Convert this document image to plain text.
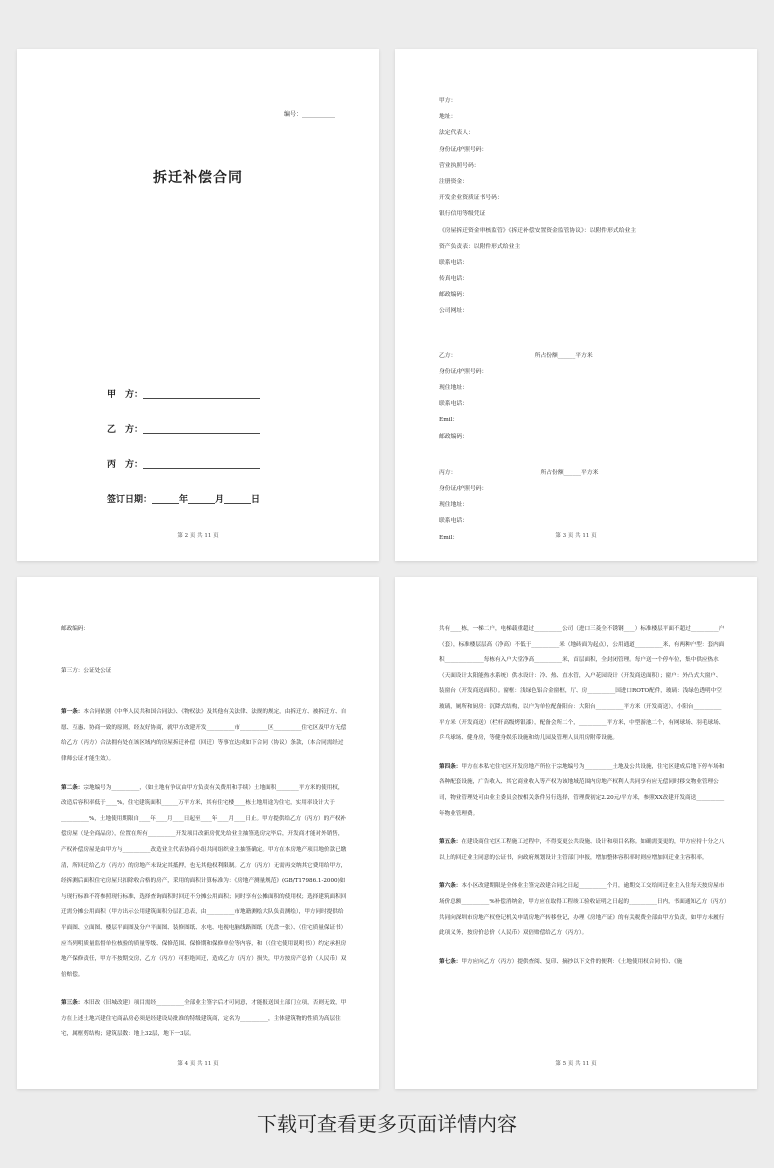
编号：___________
拆迁补偿合同
甲　方：__________________________
乙　方：__________________________
丙　方：__________________________
签订日期：______年______月______日
第 2 页 共 11 页
甲方：
地址：
法定代表人：
身份证/护照号码：
营业执照号码：
注册资金：
开发企业资质证书号码：
银行信用等级凭证
《房屋拆迁资金审核监管》《拆迁补偿安置资金监管协议》：以附件形式给业主
资产负责表：以附件形式给业主
联系电话：
传真电话：
邮政编码：
公司网址：
乙方：　　　　　　　　　　　　　　所占份额______平方米
身份证/护照号码：
现住地址：
联系电话：
Emil：
邮政编码：
丙方：　　　　　　　　　　　　　　　所占份额______平方米
身份证/护照号码：
现住地址：
联系电话：
Emil：	第 3 页 共 11 页

邮政编码：

第三方：公证处公证

第一条：本合同依据《中华人民共和国合同法》、《物权法》及其他有关法律、法规的规定，由拆迁方、被拆迁方、自愿、互惠、协商一致的原则，经友好协商，就甲方改建开发__________市__________区__________住宅区及甲方无偿给乙方（丙方）合法拥有处在该区域内的房屋拆迁补偿（回迁）等事宜达成如下合同（协议）条款，（本合同需经过律师公证才能生效）。

第二条：宗地编号为__________，（如土地有争议由甲方负责有关费用和手续）土地面积________平方米的使用权，改造后容积率低于____%，住宅建筑面积______万平方米，其有住宅楼____栋土地用途为住宅，实用率设计大于__________%，土地使用期限自____年____月____日起至____年____月____日止。甲方提供给乙方（丙方）的产权补偿房屋（是全商品房），位置在所有__________开发项目改新房优先给业主抽签选房完毕后，开发商才能对外销售，产权补偿房屋是由甲方与__________改造业主代表协商小组共同组织业主抽签确定。甲方在本房地产项目地价款已缴清，所回迁给乙方（丙方）的房地产未设定其抵押，也无其他权利限制。乙方（丙方）无需再交纳其它费用给甲方，经拆测后面积住宅房屋只扣除收合格的房产，采用的面积计算标准为：《房地产测量规范》(GB/T17986.1-2000)如与现行标准不符参照现行标准，选择查询面积时回迁不分摊公用面积；同时享有公摊面积的使用权；选择建筑面积回迁需分摊公用面积（甲方出示公用建筑面积分层汇总表，由__________市地籍测绘大队负责测绘），甲方同时提供给平面图、立面图、楼层平面图及分户平面图、装修图纸、水电、电视电脑线路图纸（光盘一张）、（住宅质量保证书）应当列明质量监督单位核验的质量等级、保修范围、保修期和保修单位等内容，和（（住宅使用说明书））约定承担房地产保修责任，甲方不按期交房，乙方（丙方）可拒绝回迁，造成乙方（丙方）损失，甲方按房产总价（人民币）双倍赔偿。

第三条：本旧改（旧城改建）项目需经__________全部业主签字后才可同意，才能报送国土部门立项，否则无效，甲方在上述土地兴建住宅商品房必须是经建设局批准的特级建筑商，定名为__________，主体建筑物的性质为高层住宅，属框剪结构；建筑层数：地上32层，地下一3层。

第 4 页 共 11 页

共有____栋，一梯二户，电梯载重超过__________公司（进口三菱全不锈钢____）标准楼层平面不超过__________户（套），标准楼层层高（净高）不低于__________米（地砖面为起点），公用通道__________米，有两种户型：套内面积______________每栋有入户大堂净高__________米，首层面积，全封闭管理。每户送一个停车位，集中供应热水（天面设计太阳能热水系统）供水设计：冷、热、直水管，入户花园设计（开发商送面积）；窗户：外凸式大窗户、装窗台（开发商送面积）。窗框：浅绿色铝合金窗框，厅、房__________国进口ROTO配件，玻璃：浅绿色透明中空玻璃，厕所和厨房：沉降式结构，以户为单位配备阳台：大阳台__________平方米（开发商送），小阳台__________平方米（开发商送）（栏杆高级烤银漆），配备会所二个，__________平方米，中型游池二个，有网球场、羽毛球场、乒乓球场、健身房，等健身娱乐设施和幼儿园及管理人员用房附带设施。

第四条：甲方在本私宅住宅区开发房地产所位于宗地编号为__________土地及公共设施，住宅区建成后地下停车场和各种配套设施，广告收入、其它商业收入等产权为该地域范围内房地产权利人共同享有应无偿同时移交物业管理公司，物业管理处可由业主委员会按相关条件另行选择，管理费初定2.20元/平方米，参照XX改建开发商送__________年物业管理费。

第五条：在建设商住宅区工程施工过程中，不得变更公共设施、设计和项目名称。如确需变更的，甲方应持十分之八以上的回迁业主同意的公证书，向政府规划设计主管部门申报，增加整体容积率时则应增加回迁业主容积率。

第六条：本小区改建期限是全体业主签完改建合同之日起__________个月，逾期交工交给回迁业主入住每天按房屋市场价总额__________%补偿消纳金，甲方应在取得工程竣工验收证明之日起的__________日内，书面通知乙方（丙方）共同向深圳市房地产权登记机关申请房地产转移登记，办理《房地产证》的有关税费全部由甲方负责，如甲方未履行此项义务，按房价总价（人民币）双倍赔偿给乙方（丙方）。

第七条：甲方应向乙方（丙方）提供查阅、复印、摘抄以下文件的便利：《土地使用权合同书》、《施

第 5 页 共 11 页
下载可查看更多页面详情内容
